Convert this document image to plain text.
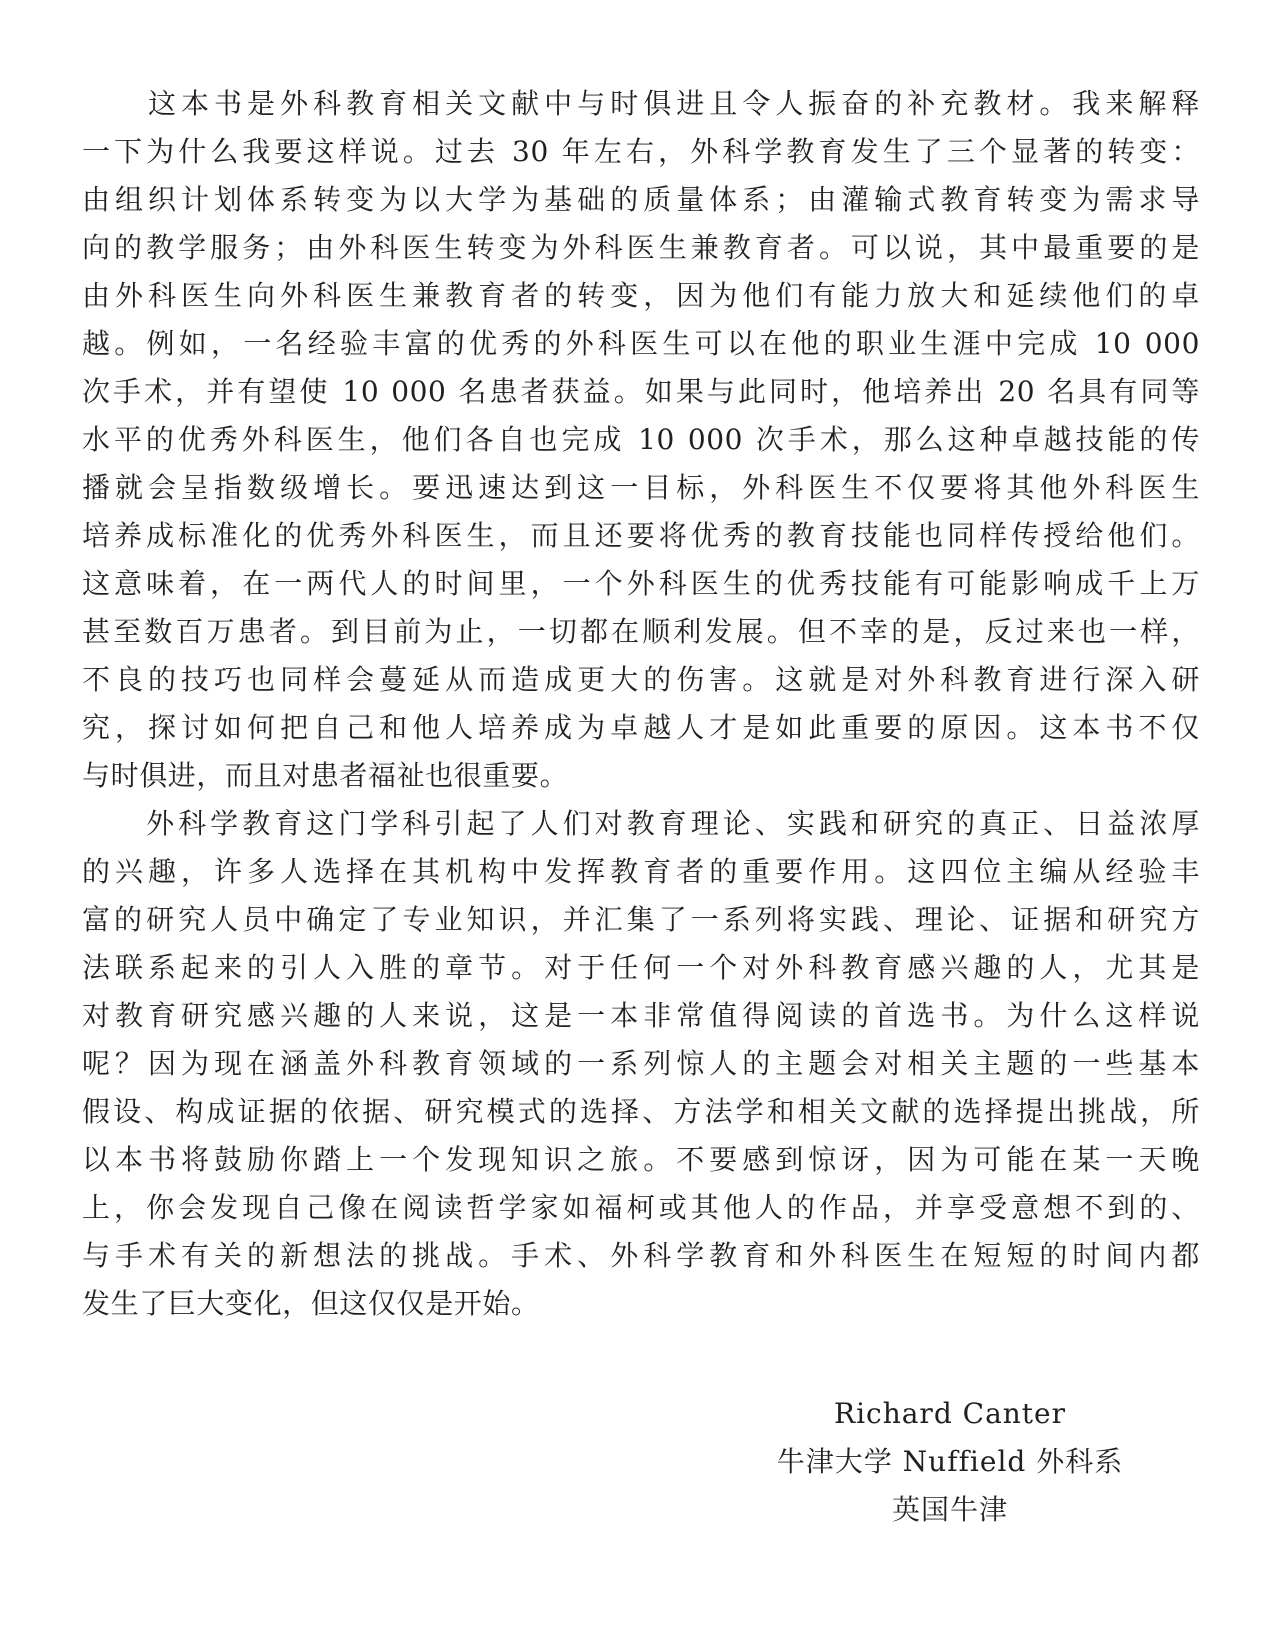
　　这本书是外科教育相关文献中与时俱进且令人振奋的补充教材。我来解释
一下为什么我要这样说。过去 30 年左右，外科学教育发生了三个显著的转变：
由组织计划体系转变为以大学为基础的质量体系；由灌输式教育转变为需求导
向的教学服务；由外科医生转变为外科医生兼教育者。可以说，其中最重要的是
由外科医生向外科医生兼教育者的转变，因为他们有能力放大和延续他们的卓
越。例如，一名经验丰富的优秀的外科医生可以在他的职业生涯中完成 10 000
次手术，并有望使 10 000 名患者获益。如果与此同时，他培养出 20 名具有同等
水平的优秀外科医生，他们各自也完成 10 000 次手术，那么这种卓越技能的传
播就会呈指数级增长。要迅速达到这一目标，外科医生不仅要将其他外科医生
培养成标准化的优秀外科医生，而且还要将优秀的教育技能也同样传授给他们。
这意味着，在一两代人的时间里，一个外科医生的优秀技能有可能影响成千上万
甚至数百万患者。到目前为止，一切都在顺利发展。但不幸的是，反过来也一样，
不良的技巧也同样会蔓延从而造成更大的伤害。这就是对外科教育进行深入研
究，探讨如何把自己和他人培养成为卓越人才是如此重要的原因。这本书不仅
与时俱进，而且对患者福祉也很重要。
　　外科学教育这门学科引起了人们对教育理论、实践和研究的真正、日益浓厚
的兴趣，许多人选择在其机构中发挥教育者的重要作用。这四位主编从经验丰
富的研究人员中确定了专业知识，并汇集了一系列将实践、理论、证据和研究方
法联系起来的引人入胜的章节。对于任何一个对外科教育感兴趣的人，尤其是
对教育研究感兴趣的人来说，这是一本非常值得阅读的首选书。为什么这样说
呢？因为现在涵盖外科教育领域的一系列惊人的主题会对相关主题的一些基本
假设、构成证据的依据、研究模式的选择、方法学和相关文献的选择提出挑战，所
以本书将鼓励你踏上一个发现知识之旅。不要感到惊讶，因为可能在某一天晚
上，你会发现自己像在阅读哲学家如福柯或其他人的作品，并享受意想不到的、
与手术有关的新想法的挑战。手术、外科学教育和外科医生在短短的时间内都
发生了巨大变化，但这仅仅是开始。
Richard Canter
牛津大学 Nuffield 外科系
英国牛津
